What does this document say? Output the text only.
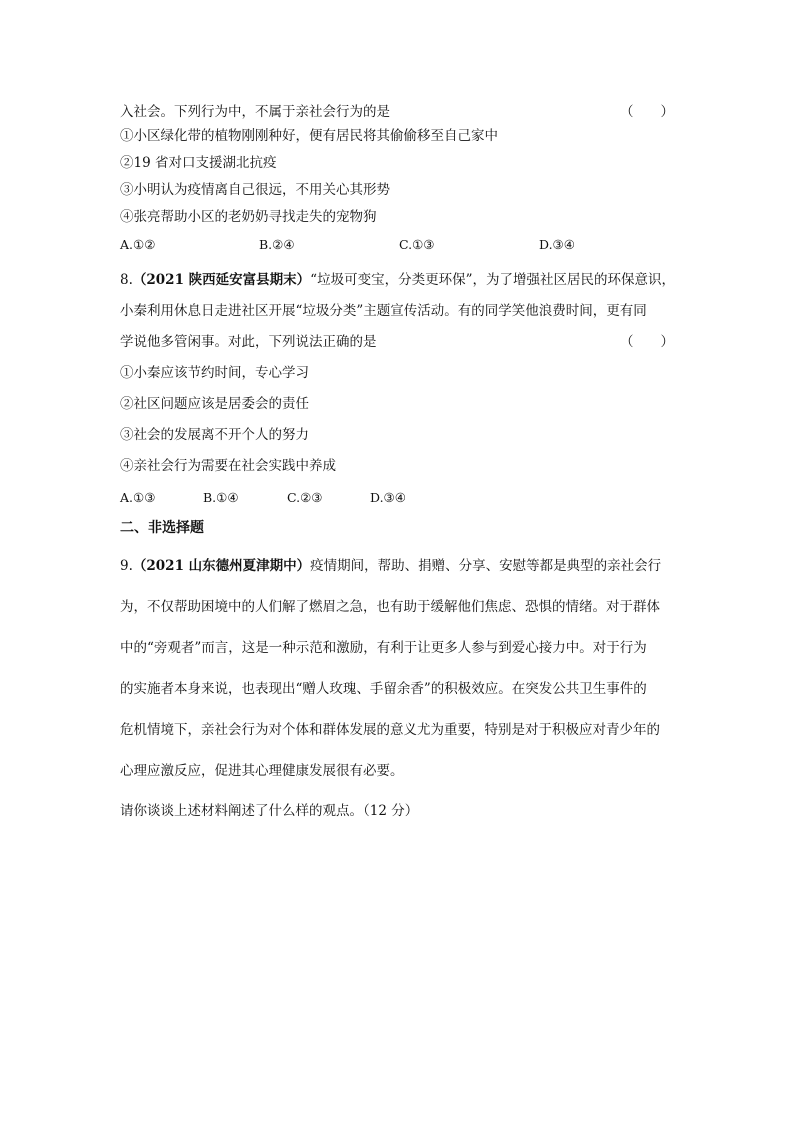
入社会。下列行为中，不属于亲社会行为的是	（　　）
①小区绿化带的植物刚刚种好，便有居民将其偷偷移至自己家中
②19 省对口支援湖北抗疫
③小明认为疫情离自己很远，不用关心其形势
④张亮帮助小区的老奶奶寻找走失的宠物狗
A.①②	B.②④	C.①③	D.③④
8.（2021 陕西延安富县期末）“垃圾可变宝，分类更环保”，为了增强社区居民的环保意识，
小秦利用休息日走进社区开展“垃圾分类”主题宣传活动。有的同学笑他浪费时间，更有同
学说他多管闲事。对此，下列说法正确的是	（　　）
①小秦应该节约时间，专心学习
②社区问题应该是居委会的责任
③社会的发展离不开个人的努力
④亲社会行为需要在社会实践中养成
A.①③	B.①④	C.②③	D.③④
二、非选择题
9.（2021 山东德州夏津期中）疫情期间，帮助、捐赠、分享、安慰等都是典型的亲社会行
为，不仅帮助困境中的人们解了燃眉之急，也有助于缓解他们焦虑、恐惧的情绪。对于群体
中的“旁观者”而言，这是一种示范和激励，有利于让更多人参与到爱心接力中。对于行为
的实施者本身来说，也表现出“赠人玫瑰、手留余香”的积极效应。在突发公共卫生事件的
危机情境下，亲社会行为对个体和群体发展的意义尤为重要，特别是对于积极应对青少年的
心理应激反应，促进其心理健康发展很有必要。
请你谈谈上述材料阐述了什么样的观点。（12 分）
